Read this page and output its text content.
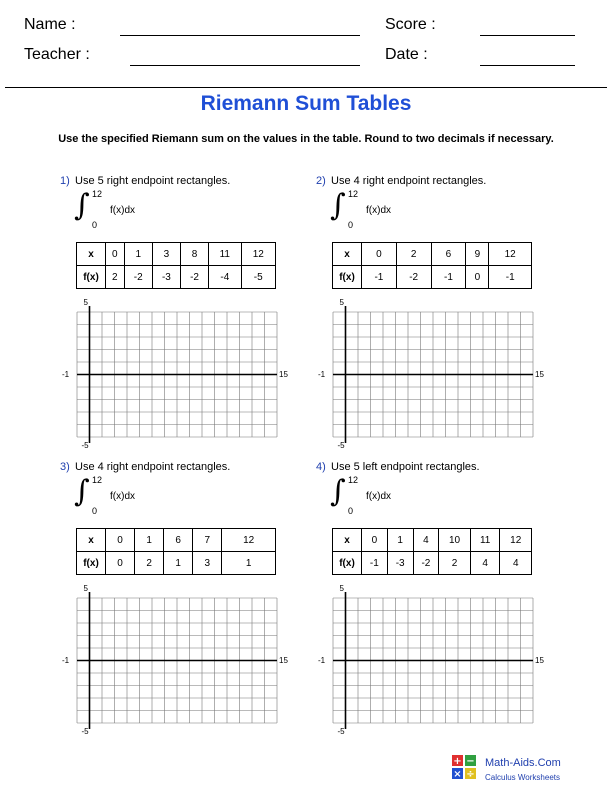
Name :	Score :
Teacher :	Date :
Riemann Sum Tables
Use the specified Riemann sum on the values in the table. Round to two decimals if necessary.
1) Use 5 right endpoint rectangles.
∫ 12
0
f(x)dx
x	0	1	3	8	11	12
f(x)	2	-2	-3	-2	-4	-5
5
-5
-1	15
2) Use 4 right endpoint rectangles.
∫ 12
0
f(x)dx
x	0	2	6	9	12
f(x)	-1	-2	-1	0	-1
5
-5
-1	15
3) Use 4 right endpoint rectangles.
∫ 12
0
f(x)dx
x	0	1	6	7	12
f(x)	0	2	1	3	1
5
-5
-1	15
4) Use 5 left endpoint rectangles.
∫ 12
0
f(x)dx
x	0	1	4	10	11	12
f(x)	-1	-3	-2	2	4	4
5
-5
-1	15
+ −
× ÷
Math-Aids.Com
Calculus Worksheets
